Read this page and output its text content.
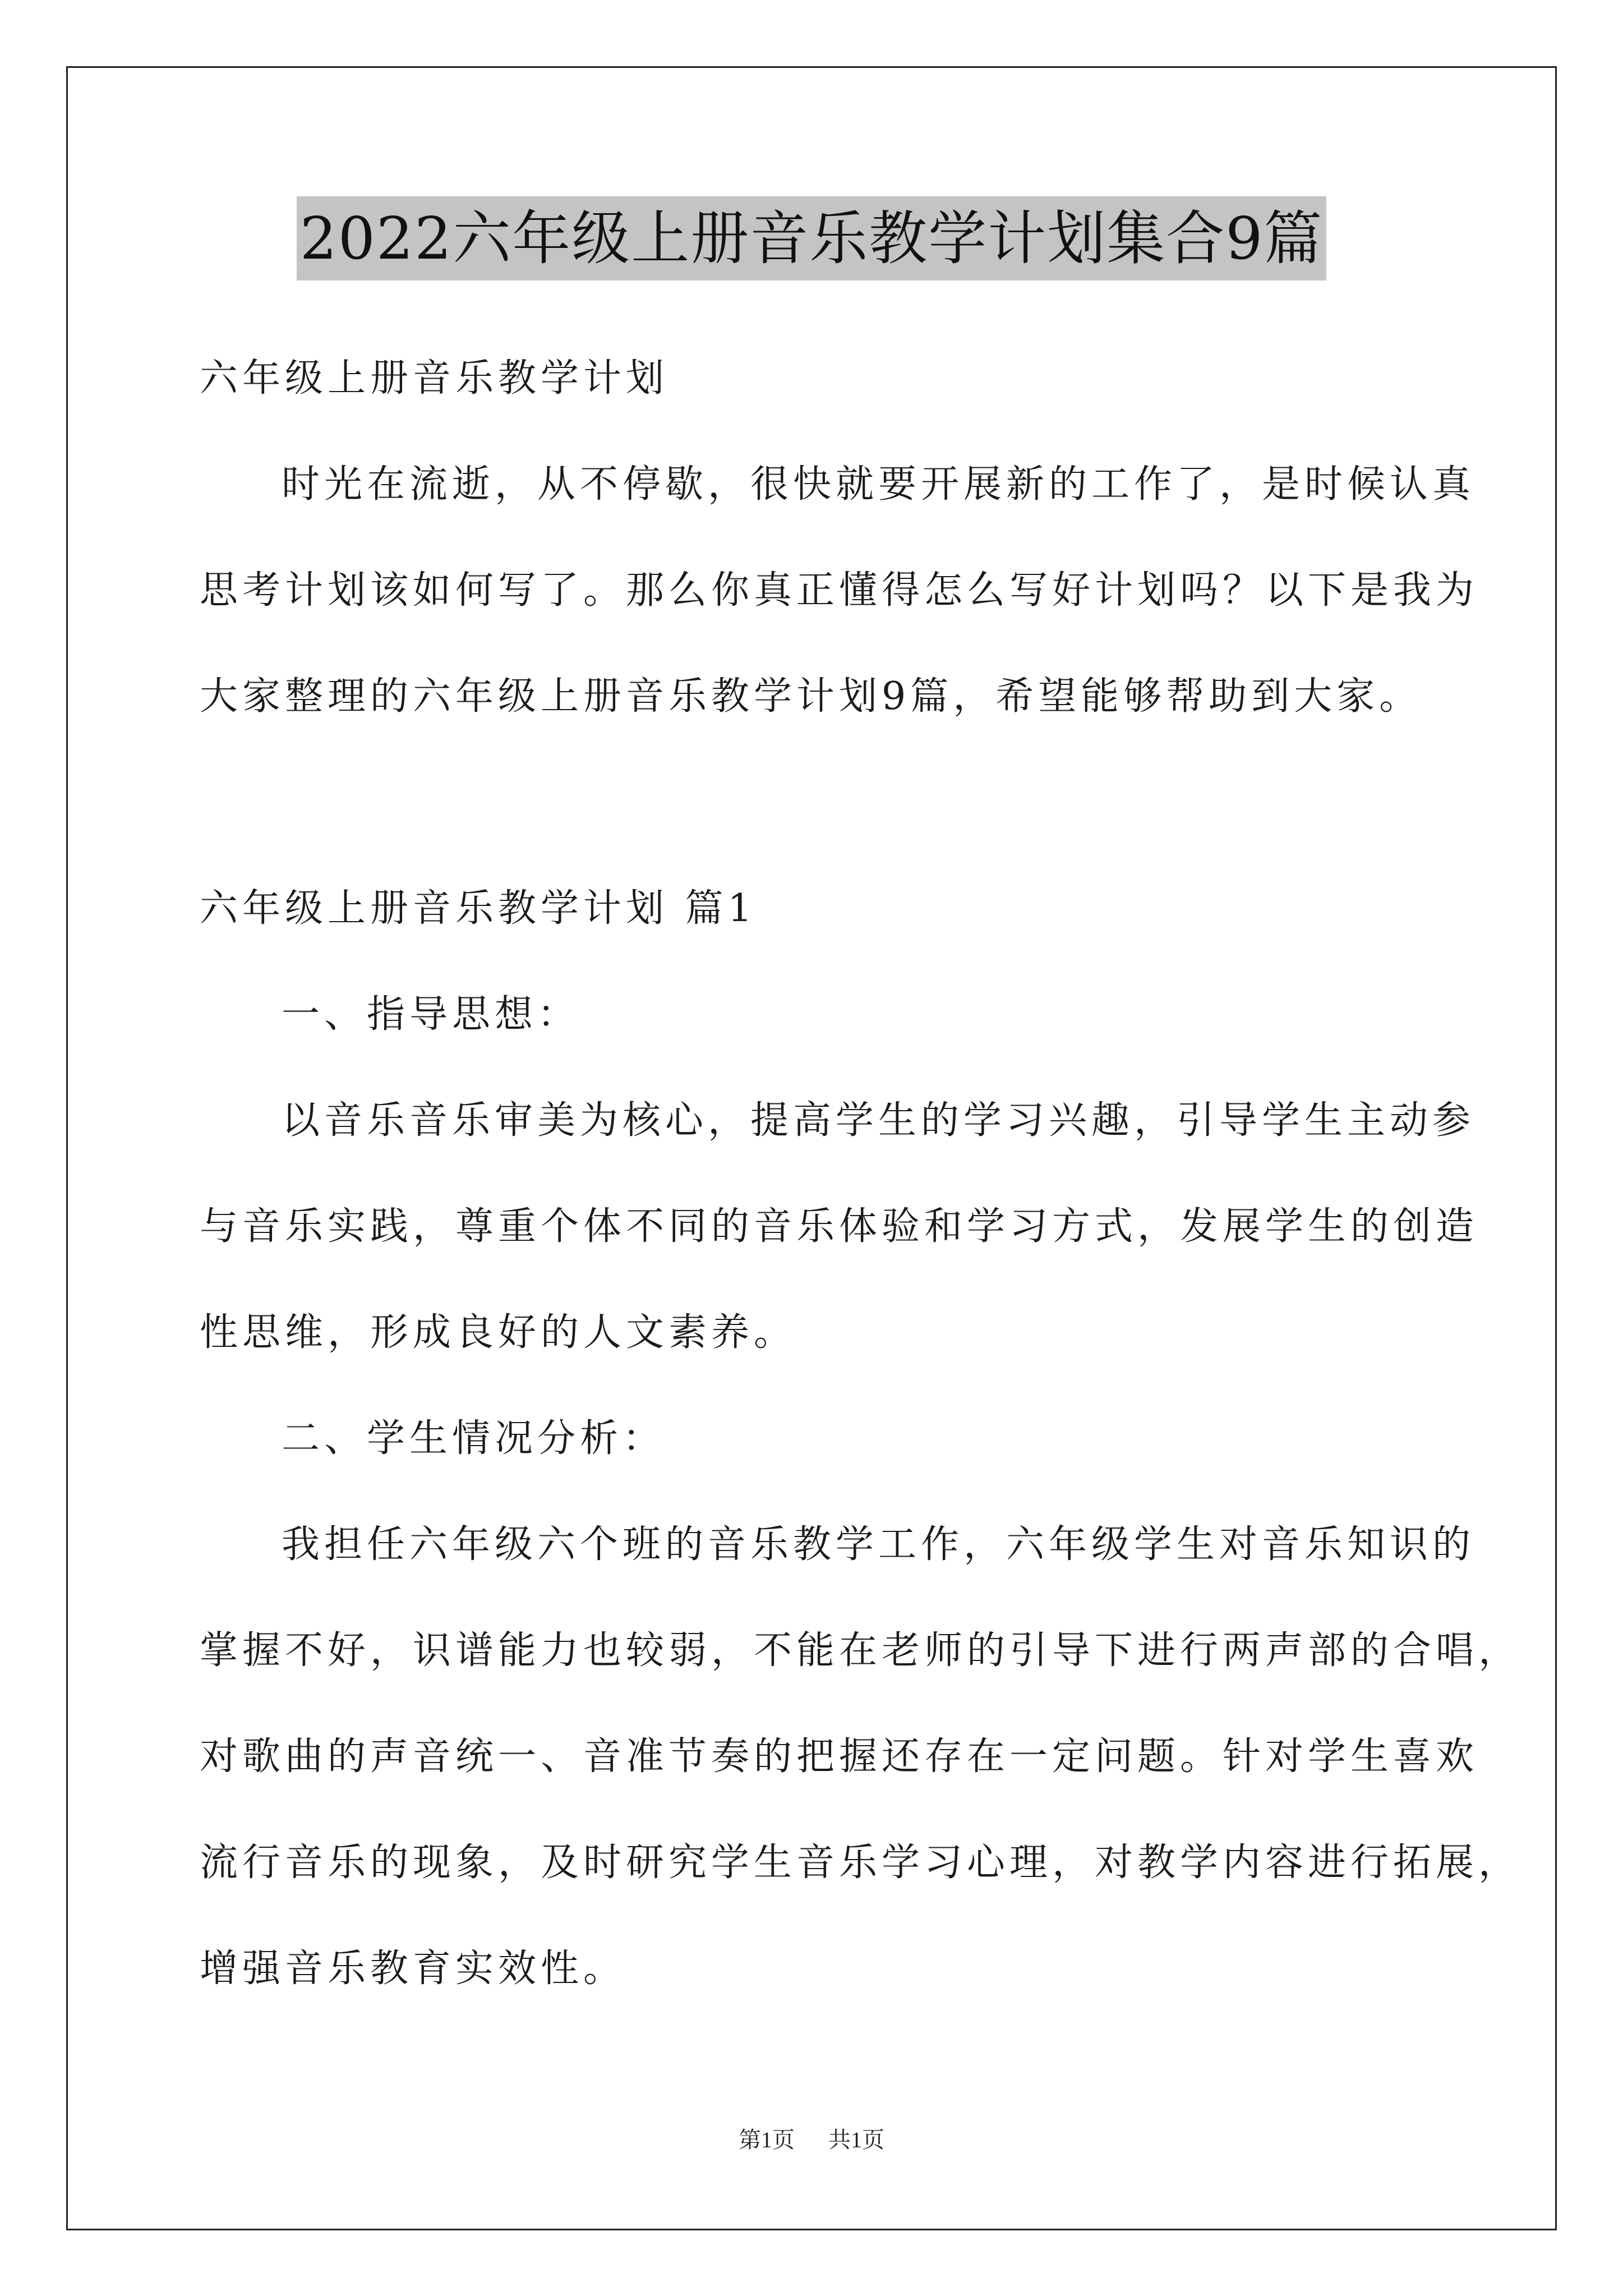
2022六年级上册音乐教学计划集合9篇
六年级上册音乐教学计划
时光在流逝，从不停歇，很快就要开展新的工作了，是时候认真
思考计划该如何写了。那么你真正懂得怎么写好计划吗？以下是我为
大家整理的六年级上册音乐教学计划9篇，希望能够帮助到大家。
六年级上册音乐教学计划 篇1
一、指导思想：
以音乐音乐审美为核心，提高学生的学习兴趣，引导学生主动参
与音乐实践，尊重个体不同的音乐体验和学习方式，发展学生的创造
性思维，形成良好的人文素养。
二、学生情况分析：
我担任六年级六个班的音乐教学工作，六年级学生对音乐知识的
掌握不好，识谱能力也较弱，不能在老师的引导下进行两声部的合唱，
对歌曲的声音统一、音准节奏的把握还存在一定问题。针对学生喜欢
流行音乐的现象，及时研究学生音乐学习心理，对教学内容进行拓展，
增强音乐教育实效性。
第1页 共1页
